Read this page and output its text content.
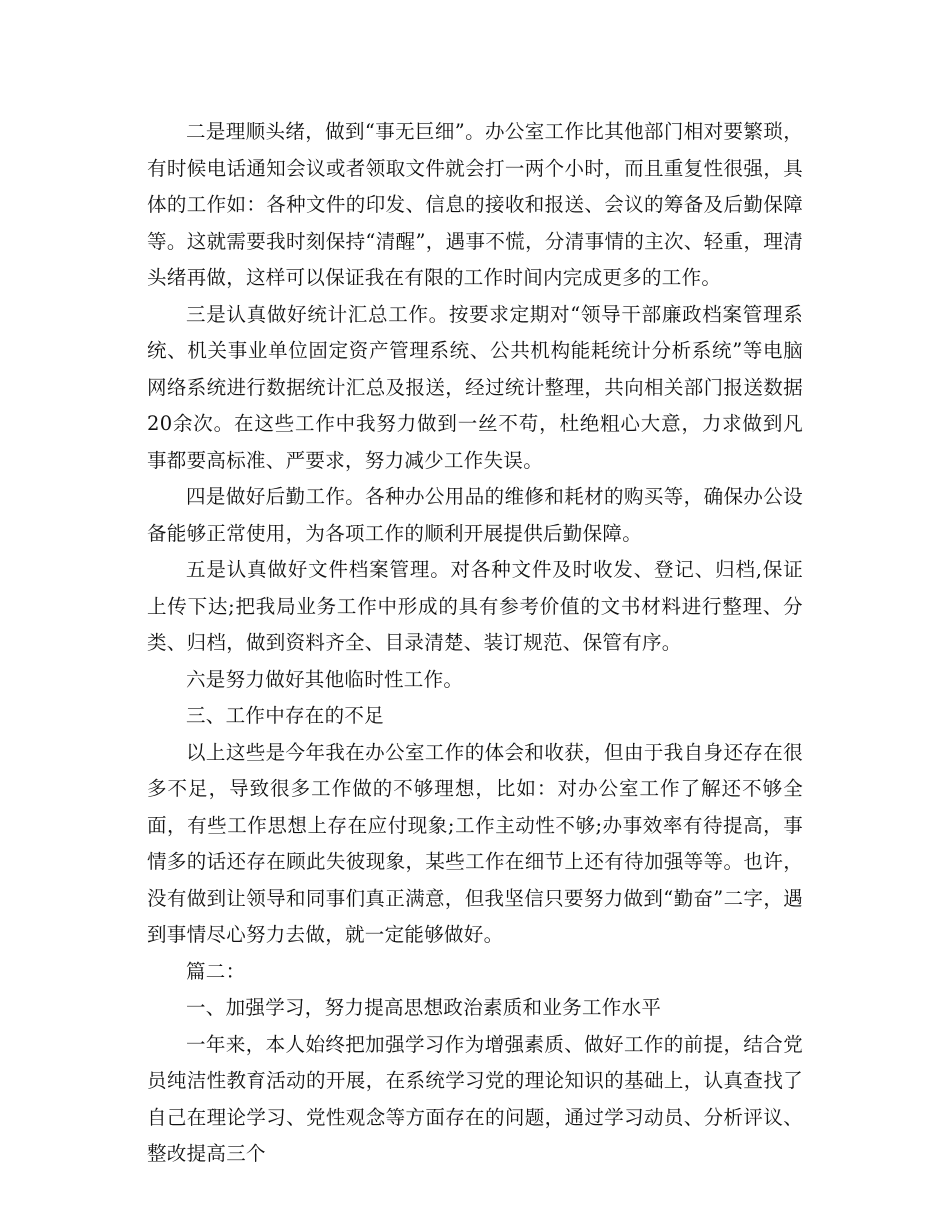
二是理顺头绪，做到“事无巨细”。办公室工作比其他部门相对要繁琐，有时候电话通知会议或者领取文件就会打一两个小时，而且重复性很强，具体的工作如：各种文件的印发、信息的接收和报送、会议的筹备及后勤保障等。这就需要我时刻保持“清醒”，遇事不慌，分清事情的主次、轻重，理清头绪再做，这样可以保证我在有限的工作时间内完成更多的工作。

三是认真做好统计汇总工作。按要求定期对“领导干部廉政档案管理系统、机关事业单位固定资产管理系统、公共机构能耗统计分析系统”等电脑网络系统进行数据统计汇总及报送，经过统计整理，共向相关部门报送数据20余次。在这些工作中我努力做到一丝不苟，杜绝粗心大意，力求做到凡事都要高标准、严要求，努力减少工作失误。

四是做好后勤工作。各种办公用品的维修和耗材的购买等，确保办公设备能够正常使用，为各项工作的顺利开展提供后勤保障。

五是认真做好文件档案管理。对各种文件及时收发、登记、归档,保证上传下达;把我局业务工作中形成的具有参考价值的文书材料进行整理、分类、归档，做到资料齐全、目录清楚、装订规范、保管有序。

六是努力做好其他临时性工作。

三、工作中存在的不足

以上这些是今年我在办公室工作的体会和收获，但由于我自身还存在很多不足，导致很多工作做的不够理想，比如：对办公室工作了解还不够全面，有些工作思想上存在应付现象;工作主动性不够;办事效率有待提高，事情多的话还存在顾此失彼现象，某些工作在细节上还有待加强等等。也许，没有做到让领导和同事们真正满意，但我坚信只要努力做到“勤奋”二字，遇到事情尽心努力去做，就一定能够做好。

篇二：

一、加强学习，努力提高思想政治素质和业务工作水平

一年来，本人始终把加强学习作为增强素质、做好工作的前提，结合党员纯洁性教育活动的开展，在系统学习党的理论知识的基础上，认真查找了自己在理论学习、党性观念等方面存在的问题，通过学习动员、分析评议、整改提高三个
